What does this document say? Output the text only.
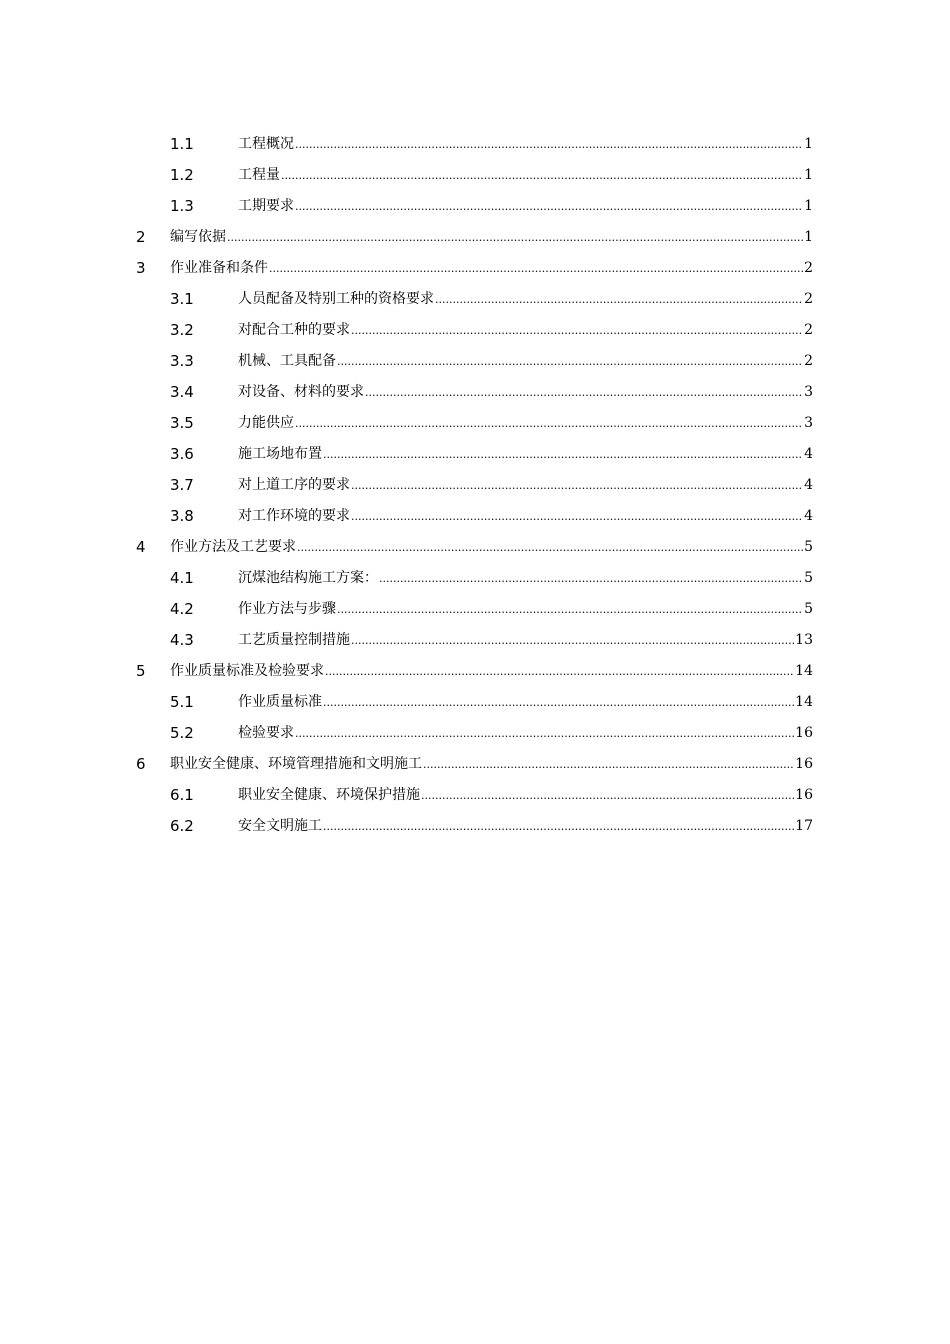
1.1	工程概况 .....	1
1.2	工程量 .....	1
1.3	工期要求 .....	1
2 编写依据 .....	1
3 作业准备和条件 .....	2
3.1	人员配备及特别工种的资格要求 .....	2
3.2	对配合工种的要求 .....	2
3.3	机械、工具配备 .....	2
3.4	对设备、材料的要求 .....	3
3.5	力能供应 .....	3
3.6	施工场地布置 .....	4
3.7	对上道工序的要求 .....	4
3.8	对工作环境的要求 .....	4
4 作业方法及工艺要求 .....	5
4.1	沉煤池结构施工方案： .....	5
4.2	作业方法与步骤 .....	5
4.3	工艺质量控制措施 .....	13
5 作业质量标准及检验要求 .....	14
5.1	作业质量标准 .....	14
5.2	检验要求 .....	16
6 职业安全健康、环境管理措施和文明施工 .....	16
6.1	职业安全健康、环境保护措施 .....	16
6.2	安全文明施工 .....	17
